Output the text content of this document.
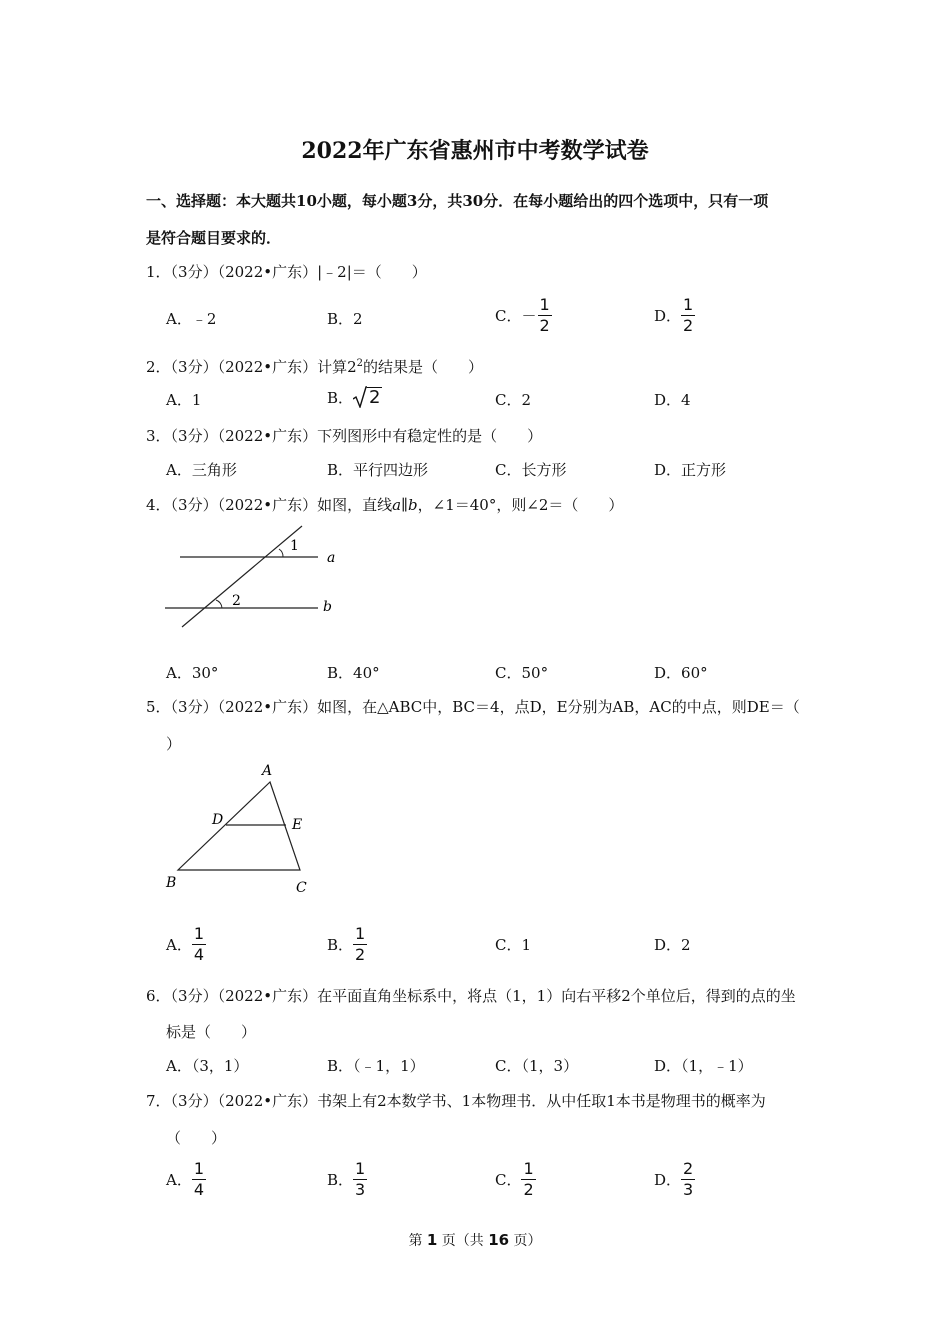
2022年广东省惠州市中考数学试卷
一、选择题：本大题共10小题，每小题3分，共30分．在每小题给出的四个选项中，只有一项
是符合题目要求的．
1．（3分）（2022•广东）|﹣2|＝（　　）
A．﹣2	B．2	C． － $\frac{1}{2}$	D． $\frac{1}{2}$
2．（3分）（2022•广东）计算$2^2$的结果是（　　）
A．1	B． 2	C．2	D．4
3．（3分）（2022•广东）下列图形中有稳定性的是（　　）
A．三角形	B．平行四边形	C．长方形	D．正方形
4．（3分）（2022•广东）如图，直线a∥b，∠1＝40°，则∠2＝（　　）
1
2
a
b
A．30°	B．40°	C．50°	D．60°
5．（3分）（2022•广东）如图，在△ABC中，BC＝4，点D，E分别为AB，AC的中点，则DE＝（
）
A
B	C
D	E
A． $\frac{1}{4}$	B． $\frac{1}{2}$	C．1	D．2
6．（3分）（2022•广东）在平面直角坐标系中，将点（1，1）向右平移2个单位后，得到的点的坐
标是（　　）
A．（3，1）	B．（﹣1，1）	C．（1，3）	D．（1，﹣1）
7．（3分）（2022•广东）书架上有2本数学书、1本物理书．从中任取1本书是物理书的概率为
（　　）
A． $\frac{1}{4}$	B． $\frac{1}{3}$	C． $\frac{1}{2}$	D． $\frac{2}{3}$
第 1 页（共 16 页）
